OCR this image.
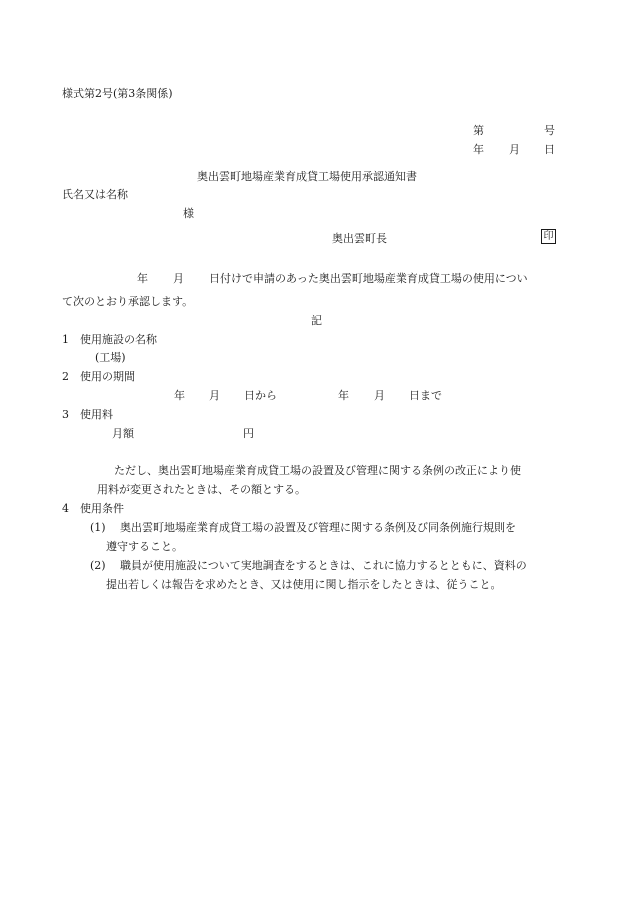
様式第2号(第3条関係)
第	号
年 月 日
奥出雲町地場産業育成貸工場使用承認通知書
氏名又は名称
様
奥出雲町長	印
年 月 日付けで申請のあった奥出雲町地場産業育成貸工場の使用につい
て次のとおり承認します。
記
1　使用施設の名称
(工場)
2　使用の期間
年 月 日から	年 月 日まで
3　使用料
月額	円
ただし、奥出雲町地場産業育成貸工場の設置及び管理に関する条例の改正により使
用料が変更されたときは、その額とする。
4　使用条件
(1) 奥出雲町地場産業育成貸工場の設置及び管理に関する条例及び同条例施行規則を
遵守すること。
(2) 職員が使用施設について実地調査をするときは、これに協力するとともに、資料の
提出若しくは報告を求めたとき、又は使用に関し指示をしたときは、従うこと。
